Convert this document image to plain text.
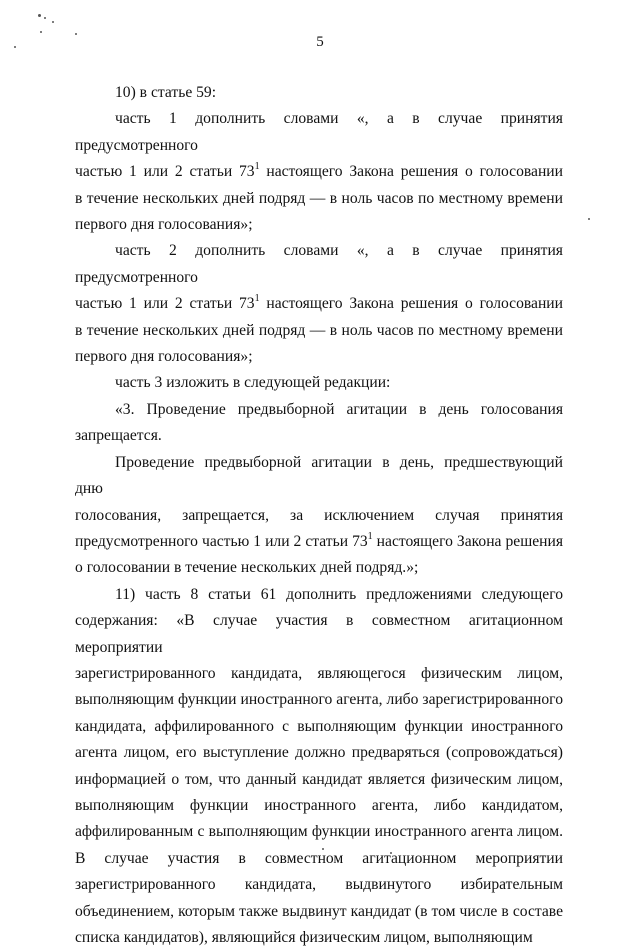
5

10) в статье 59:

часть 1 дополнить словами «, а в случае принятия предусмотренного
частью 1 или 2 статьи $73^1$ настоящего Закона решения о голосовании
в течение нескольких дней подряд — в ноль часов по местному времени
первого дня голосования»;

часть 2 дополнить словами «, а в случае принятия предусмотренного
частью 1 или 2 статьи $73^1$ настоящего Закона решения о голосовании
в течение нескольких дней подряд — в ноль часов по местному времени
первого дня голосования»;

часть 3 изложить в следующей редакции:

«3. Проведение предвыборной агитации в день голосования
запрещается.

Проведение предвыборной агитации в день, предшествующий дню
голосования, запрещается, за исключением случая принятия
предусмотренного частью 1 или 2 статьи $73^1$ настоящего Закона решения
о голосовании в течение нескольких дней подряд.»;

11) часть 8 статьи 61 дополнить предложениями следующего
содержания: «В случае участия в совместном агитационном мероприятии
зарегистрированного кандидата, являющегося физическим лицом,
выполняющим функции иностранного агента, либо зарегистрированного
кандидата, аффилированного с выполняющим функции иностранного
агента лицом, его выступление должно предваряться (сопровождаться)
информацией о том, что данный кандидат является физическим лицом,
выполняющим функции иностранного агента, либо кандидатом,
аффилированным с выполняющим функции иностранного агента лицом.
В случае участия в совместном агитационном мероприятии
зарегистрированного кандидата, выдвинутого избирательным
объединением, которым также выдвинут кандидат (в том числе в составе
списка кандидатов), являющийся физическим лицом, выполняющим
